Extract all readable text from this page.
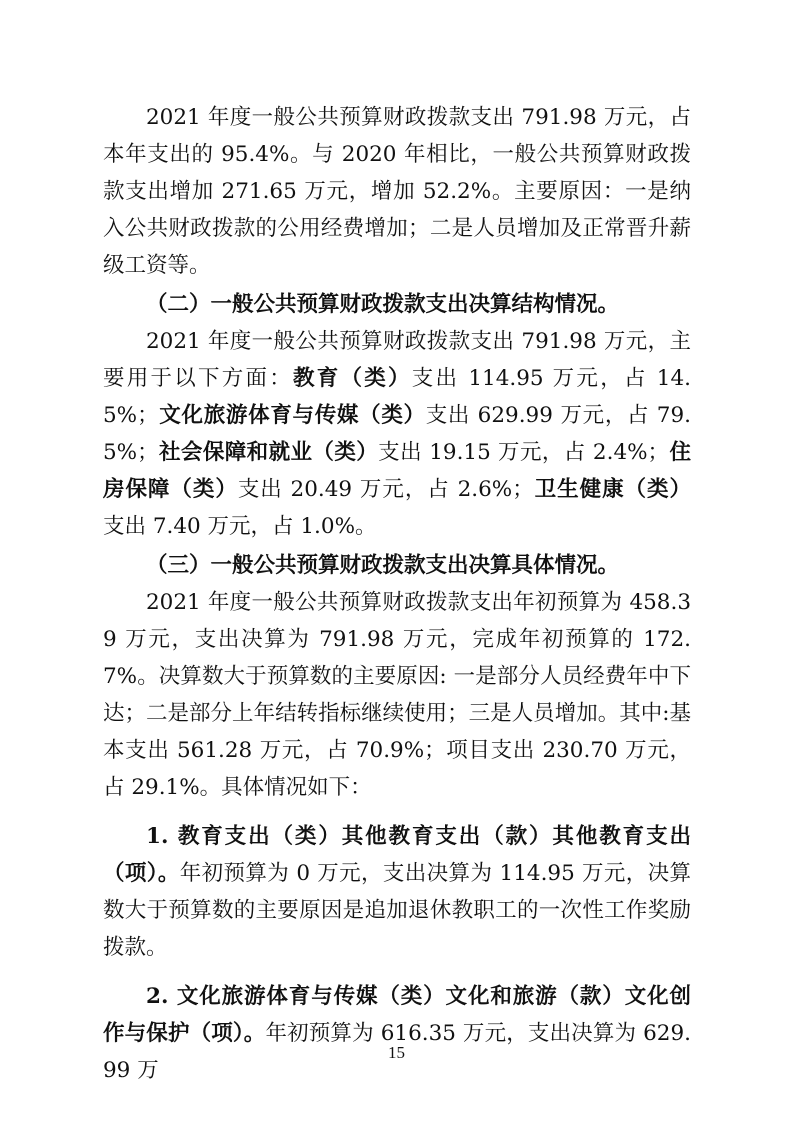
2021 年度一般公共预算财政拨款支出 791.98 万元，占本年支出的 95.4%。与 2020 年相比，一般公共预算财政拨款支出增加 271.65 万元，增加 52.2%。主要原因：一是纳入公共财政拨款的公用经费增加；二是人员增加及正常晋升薪级工资等。

（二）一般公共预算财政拨款支出决算结构情况。

2021 年度一般公共预算财政拨款支出 791.98 万元，主要用于以下方面：教育（类）支出 114.95 万元，占 14.5%；文化旅游体育与传媒（类）支出 629.99 万元，占 79.5%；社会保障和就业（类）支出 19.15 万元，占 2.4%；住房保障（类）支出 20.49 万元，占 2.6%；卫生健康（类）支出 7.40 万元，占 1.0%。

（三）一般公共预算财政拨款支出决算具体情况。

2021 年度一般公共预算财政拨款支出年初预算为 458.39 万元，支出决算为 791.98 万元，完成年初预算的 172.7%。决算数大于预算数的主要原因: 一是部分人员经费年中下达；二是部分上年结转指标继续使用；三是人员增加。其中:基本支出 561.28 万元，占 70.9%；项目支出 230.70 万元，占 29.1%。具体情况如下：

1. 教育支出（类）其他教育支出（款）其他教育支出（项）。年初预算为 0 万元，支出决算为 114.95 万元，决算数大于预算数的主要原因是追加退休教职工的一次性工作奖励拨款。

2. 文化旅游体育与传媒（类）文化和旅游（款）文化创作与保护（项）。年初预算为 616.35 万元，支出决算为 629.99 万

15
